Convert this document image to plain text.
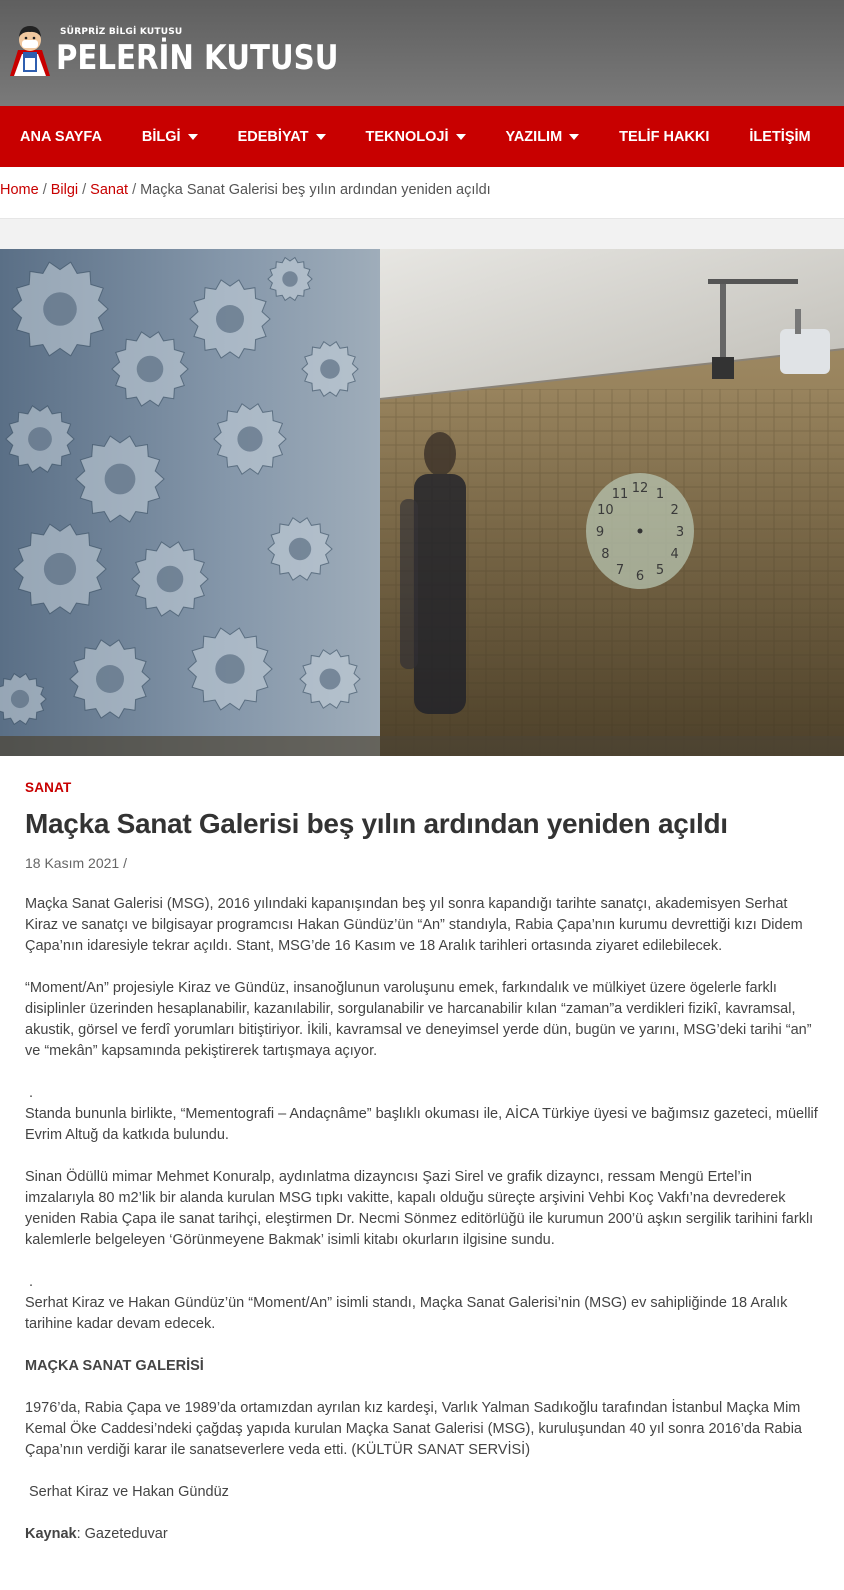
SÜRPRİZ BİLGİ KUTUSU
PELERİN KUTUSU
ANA SAYFA	BİLGİ	EDEBİYAT	TEKNOLOJİ	YAZILIM	TELİF HAKKI	İLETİŞİM
Home / Bilgi / Sanat / Maçka Sanat Galerisi beş yılın ardından yeniden açıldı
12 1
2
3
4
5
6
7
8
9
10
11
SANAT
Maçka Sanat Galerisi beş yılın ardından yeniden açıldı
18 Kasım 2021 /

Maçka Sanat Galerisi (MSG), 2016 yılındaki kapanışından beş yıl sonra kapandığı tarihte sanatçı, akademisyen Serhat Kiraz ve sanatçı ve bilgisayar programcısı Hakan Gündüz’ün “An” standıyla, Rabia Çapa’nın kurumu devrettiği kızı Didem Çapa’nın idaresiyle tekrar açıldı. Stant, MSG’de 16 Kasım ve 18 Aralık tarihleri ortasında ziyaret edilebilecek.

“Moment/An” projesiyle Kiraz ve Gündüz, insanoğlunun varoluşunu emek, farkındalık ve mülkiyet üzere ögelerle farklı disiplinler üzerinden hesaplanabilir, kazanılabilir, sorgulanabilir ve harcanabilir kılan “zaman”a verdikleri fizikî, kavramsal, akustik, görsel ve ferdî yorumları bitiştiriyor. İkili, kavramsal ve deneyimsel yerde dün, bugün ve yarını, MSG’deki tarihi “an” ve “mekân” kapsamında pekiştirerek tartışmaya açıyor.

.

Standa bununla birlikte, “Mementografi – Andaçnâme” başlıklı okuması ile, AİCA Türkiye üyesi ve bağımsız gazeteci, müellif Evrim Altuğ da katkıda bulundu.

Sinan Ödüllü mimar Mehmet Konuralp, aydınlatma dizayncısı Şazi Sirel ve grafik dizayncı, ressam Mengü Ertel’in imzalarıyla 80 m2’lik bir alanda kurulan MSG tıpkı vakitte, kapalı olduğu süreçte arşivini Vehbi Koç Vakfı’na devrederek yeniden Rabia Çapa ile sanat tarihçi, eleştirmen Dr. Necmi Sönmez editörlüğü ile kurumun 200’ü aşkın sergilik tarihini farklı kalemlerle belgeleyen ‘Görünmeyene Bakmak’ isimli kitabı okurların ilgisine sundu.

.

Serhat Kiraz ve Hakan Gündüz’ün “Moment/An” isimli standı, Maçka Sanat Galerisi’nin (MSG) ev sahipliğinde 18 Aralık tarihine kadar devam edecek.

MAÇKA SANAT GALERİSİ

1976’da, Rabia Çapa ve 1989’da ortamızdan ayrılan kız kardeşi, Varlık Yalman Sadıkoğlu tarafından İstanbul Maçka Mim Kemal Öke Caddesi’ndeki çağdaş yapıda kurulan Maçka Sanat Galerisi (MSG), kuruluşundan 40 yıl sonra 2016’da Rabia Çapa’nın verdiği karar ile sanatseverlere veda etti. (KÜLTÜR SANAT SERVİSİ)

Serhat Kiraz ve Hakan Gündüz

Kaynak: Gazeteduvar
